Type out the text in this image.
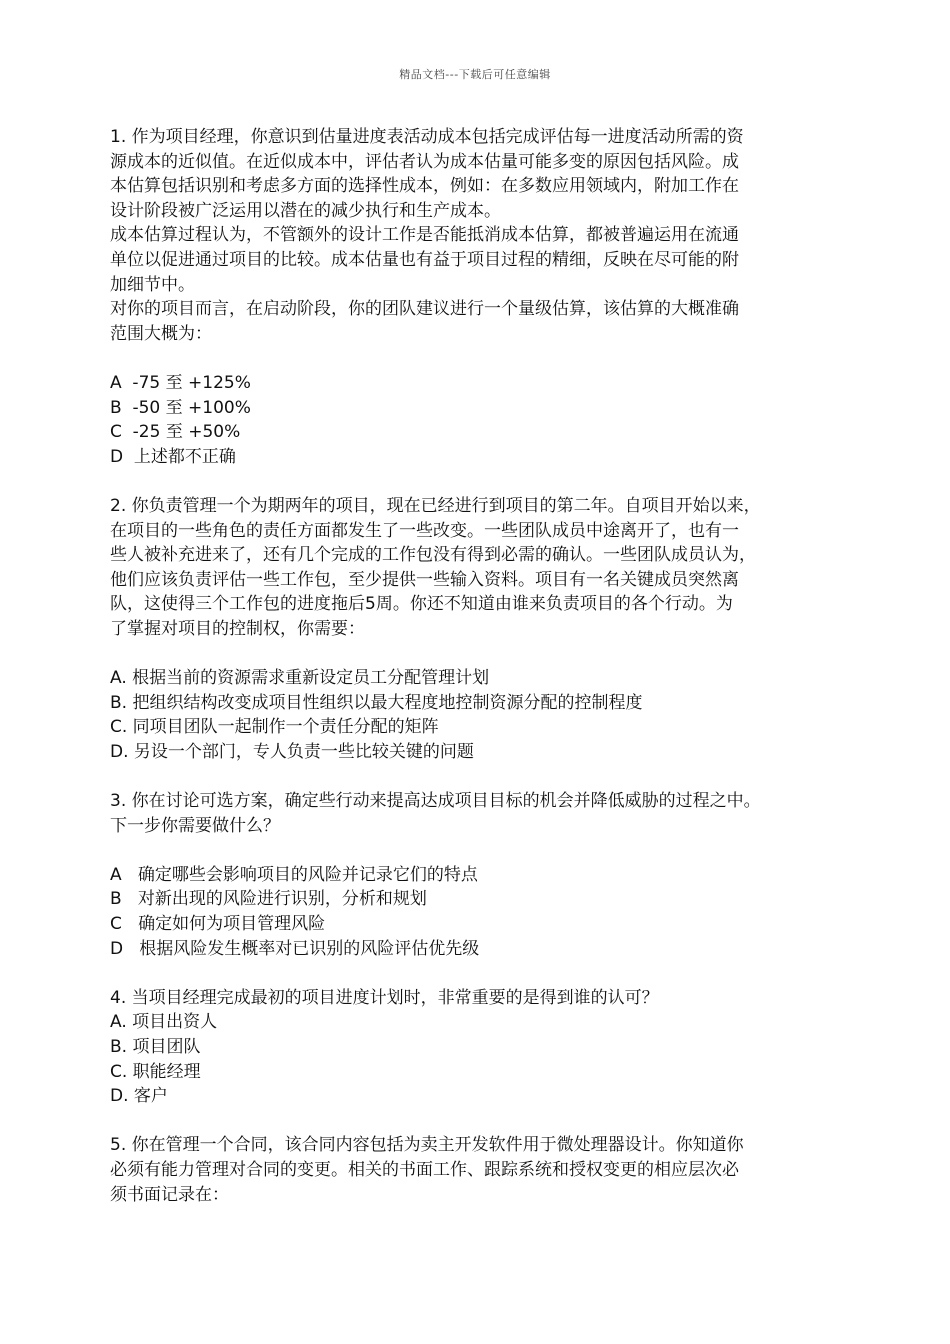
精品文档---下载后可任意编辑
1. 作为项目经理，你意识到估量进度表活动成本包括完成评估每一进度活动所需的资
源成本的近似值。在近似成本中，评估者认为成本估量可能多变的原因包括风险。成
本估算包括识别和考虑多方面的选择性成本，例如：在多数应用领域内，附加工作在
设计阶段被广泛运用以潜在的减少执行和生产成本。
成本估算过程认为，不管额外的设计工作是否能抵消成本估算，都被普遍运用在流通
单位以促进通过项目的比较。成本估量也有益于项目过程的精细，反映在尽可能的附
加细节中。
对你的项目而言，在启动阶段，你的团队建议进行一个量级估算，该估算的大概准确
范围大概为：
A  -75 至 +125%
B  -50 至 +100%
C  -25 至 +50%
D  上述都不正确
2. 你负责管理一个为期两年的项目，现在已经进行到项目的第二年。自项目开始以来，
在项目的一些角色的责任方面都发生了一些改变。一些团队成员中途离开了，也有一
些人被补充进来了，还有几个完成的工作包没有得到必需的确认。一些团队成员认为，
他们应该负责评估一些工作包，至少提供一些输入资料。项目有一名关键成员突然离
队，这使得三个工作包的进度拖后5周。你还不知道由谁来负责项目的各个行动。为
了掌握对项目的控制权，你需要：
A. 根据当前的资源需求重新设定员工分配管理计划
B. 把组织结构改变成项目性组织以最大程度地控制资源分配的控制程度
C. 同项目团队一起制作一个责任分配的矩阵
D. 另设一个部门，专人负责一些比较关键的问题
3. 你在讨论可选方案，确定些行动来提高达成项目目标的机会并降低威胁的过程之中。
下一步你需要做什么？
A   确定哪些会影响项目的风险并记录它们的特点
B   对新出现的风险进行识别，分析和规划
C   确定如何为项目管理风险
D   根据风险发生概率对已识别的风险评估优先级
4. 当项目经理完成最初的项目进度计划时，非常重要的是得到谁的认可？
A. 项目出资人
B. 项目团队
C. 职能经理
D. 客户
5. 你在管理一个合同，该合同内容包括为卖主开发软件用于微处理器设计。你知道你
必须有能力管理对合同的变更。相关的书面工作、跟踪系统和授权变更的相应层次必
须书面记录在：
